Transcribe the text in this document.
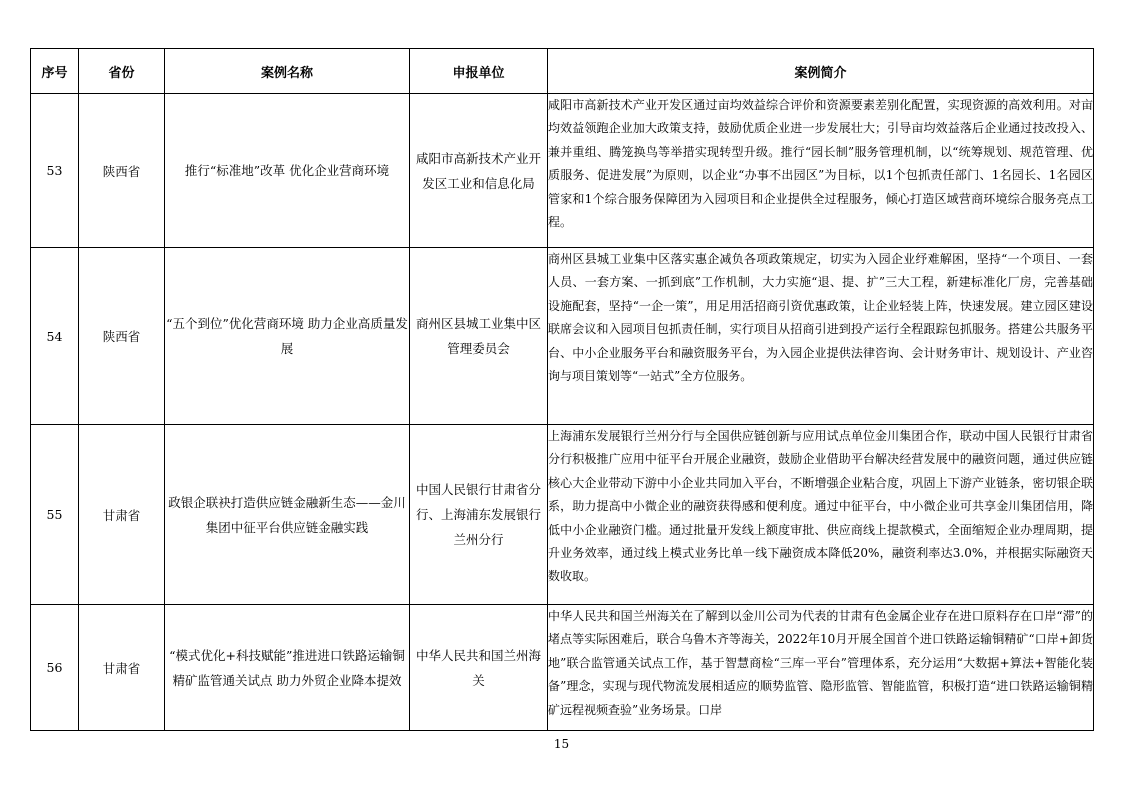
序号	省份	案例名称	申报单位	案例简介
53	陕西省	推行“标准地”改革 优化企业营商环境	咸阳市高新技术产业开发区工业和信息化局	咸阳市高新技术产业开发区通过亩均效益综合评价和资源要素差别化配置，实现资源的高效利用。对亩均效益领跑企业加大政策支持，鼓励优质企业进一步发展壮大；引导亩均效益落后企业通过技改投入、兼并重组、腾笼换鸟等举措实现转型升级。推行“园长制”服务管理机制，以“统筹规划、规范管理、优质服务、促进发展”为原则，以企业“办事不出园区”为目标，以1个包抓责任部门、1名园长、1名园区管家和1个综合服务保障团为入园项目和企业提供全过程服务，倾心打造区域营商环境综合服务亮点工程。
54	陕西省	“五个到位”优化营商环境 助力企业高质量发展	商州区县城工业集中区管理委员会	商州区县城工业集中区落实惠企减负各项政策规定，切实为入园企业纾难解困，坚持“一个项目、一套人员、一套方案、一抓到底”工作机制，大力实施“退、提、扩”三大工程，新建标准化厂房，完善基础设施配套，坚持“一企一策”，用足用活招商引资优惠政策，让企业轻装上阵，快速发展。建立园区建设联席会议和入园项目包抓责任制，实行项目从招商引进到投产运行全程跟踪包抓服务。搭建公共服务平台、中小企业服务平台和融资服务平台，为入园企业提供法律咨询、会计财务审计、规划设计、产业咨询与项目策划等“一站式”全方位服务。
55	甘肃省	政银企联袂打造供应链金融新生态——金川集团中征平台供应链金融实践	中国人民银行甘肃省分行、上海浦东发展银行兰州分行	上海浦东发展银行兰州分行与全国供应链创新与应用试点单位金川集团合作，联动中国人民银行甘肃省分行积极推广应用中征平台开展企业融资，鼓励企业借助平台解决经营发展中的融资问题，通过供应链核心大企业带动下游中小企业共同加入平台，不断增强企业粘合度，巩固上下游产业链条，密切银企联系，助力提高中小微企业的融资获得感和便利度。通过中征平台，中小微企业可共享金川集团信用，降低中小企业融资门槛。通过批量开发线上额度审批、供应商线上提款模式，全面缩短企业办理周期，提升业务效率，通过线上模式业务比单一线下融资成本降低20%，融资利率达3.0%，并根据实际融资天数收取。
56	甘肃省	“模式优化+科技赋能”推进进口铁路运输铜精矿监管通关试点 助力外贸企业降本提效	中华人民共和国兰州海关	中华人民共和国兰州海关在了解到以金川公司为代表的甘肃有色金属企业存在进口原料存在口岸“滞”的堵点等实际困难后，联合乌鲁木齐等海关，2022年10月开展全国首个进口铁路运输铜精矿“口岸+卸货地”联合监管通关试点工作，基于智慧商检“三库一平台”管理体系，充分运用“大数据+算法+智能化装备”理念，实现与现代物流发展相适应的顺势监管、隐形监管、智能监管，积极打造“进口铁路运输铜精矿远程视频查验”业务场景。口岸
15
